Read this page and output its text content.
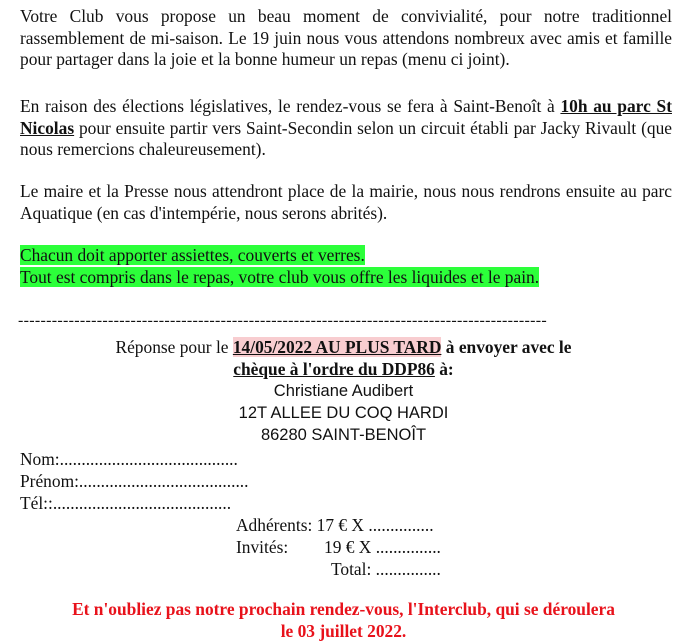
Votre Club vous propose un beau moment de convivialité, pour notre traditionnel rassemblement de mi-saison. Le 19 juin nous vous attendons nombreux avec amis et famille pour partager dans la joie et la bonne humeur un repas (menu ci joint).
En raison des élections législatives, le rendez-vous se fera à Saint-Benoît à 10h au parc St Nicolas pour ensuite partir vers Saint-Secondin selon un circuit établi par Jacky Rivault (que nous remercions chaleureusement).
Le maire et la Presse nous attendront place de la mairie, nous nous rendrons ensuite au parc Aquatique (en cas d'intempérie, nous serons abrités).
Chacun doit apporter assiettes, couverts et verres.
Tout est compris dans le repas, votre club vous offre les liquides et le pain.
----------------------------------------------------------------------------------------------
Réponse pour le 14/05/2022 AU PLUS TARD à envoyer avec le
chèque à l'ordre du DDP86 à:
Christiane Audibert
12T ALLEE DU COQ HARDI
86280 SAINT-BENOÎT
Nom:.........................................
Prénom:.......................................
Tél::.........................................
Adhérents: 17 € X ...............
Invités: 19 € X ...............
Total: ...............
Et n'oubliez pas notre prochain rendez-vous, l'Interclub, qui se déroulera
le 03 juillet 2022.
